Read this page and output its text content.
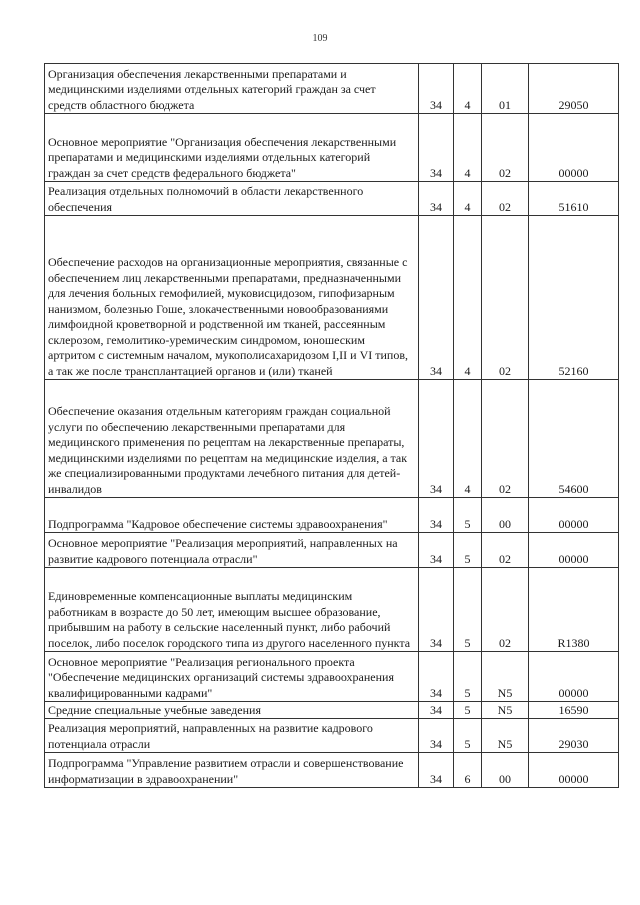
109
Организация обеспечения лекарственными препаратами и медицинскими изделиями отдельных категорий граждан за счет средств областного бюджета	34	4	01	29050
Основное мероприятие "Организация обеспечения лекарственными препаратами и медицинскими изделиями отдельных категорий граждан за счет средств федерального бюджета"	34	4	02	00000
Реализация отдельных полномочий в области лекарственного обеспечения	34	4	02	51610
Обеспечение расходов на организационные мероприятия, связанные с обеспечением лиц лекарственными препаратами, предназначенными для лечения больных гемофилией, муковисцидозом, гипофизарным нанизмом, болезнью Гоше, злокачественными новообразованиями лимфоидной кроветворной и родственной им тканей, рассеянным склерозом, гемолитико-уремическим синдромом, юношеским артритом с системным началом, мукополисахаридозом I,II и VI типов, а так же после трансплантацией органов и (или) тканей	34	4	02	52160
Обеспечение оказания отдельным категориям граждан социальной услуги по обеспечению лекарственными препаратами для медицинского применения по рецептам на лекарственные препараты, медицинскими изделиями по рецептам на медицинские изделия, а так же специализированными продуктами лечебного питания для детей-инвалидов	34	4	02	54600
Подпрограмма "Кадровое обеспечение системы здравоохранения"	34	5	00	00000
Основное мероприятие "Реализация мероприятий, направленных на развитие кадрового потенциала отрасли"	34	5	02	00000
Единовременные компенсационные выплаты медицинским работникам в возрасте до 50 лет, имеющим высшее образование, прибывшим на работу в сельские населенный пункт, либо рабочий поселок, либо поселок городского типа из другого населенного пункта	34	5	02	R1380
Основное мероприятие "Реализация регионального проекта "Обеспечение медицинских организаций системы здравоохранения квалифицированными кадрами"	34	5	N5	00000
Средние специальные учебные заведения	34	5	N5	16590
Реализация мероприятий, направленных на развитие кадрового потенциала отрасли	34	5	N5	29030
Подпрограмма "Управление развитием отрасли и совершенствование информатизации в здравоохранении"	34	6	00	00000
